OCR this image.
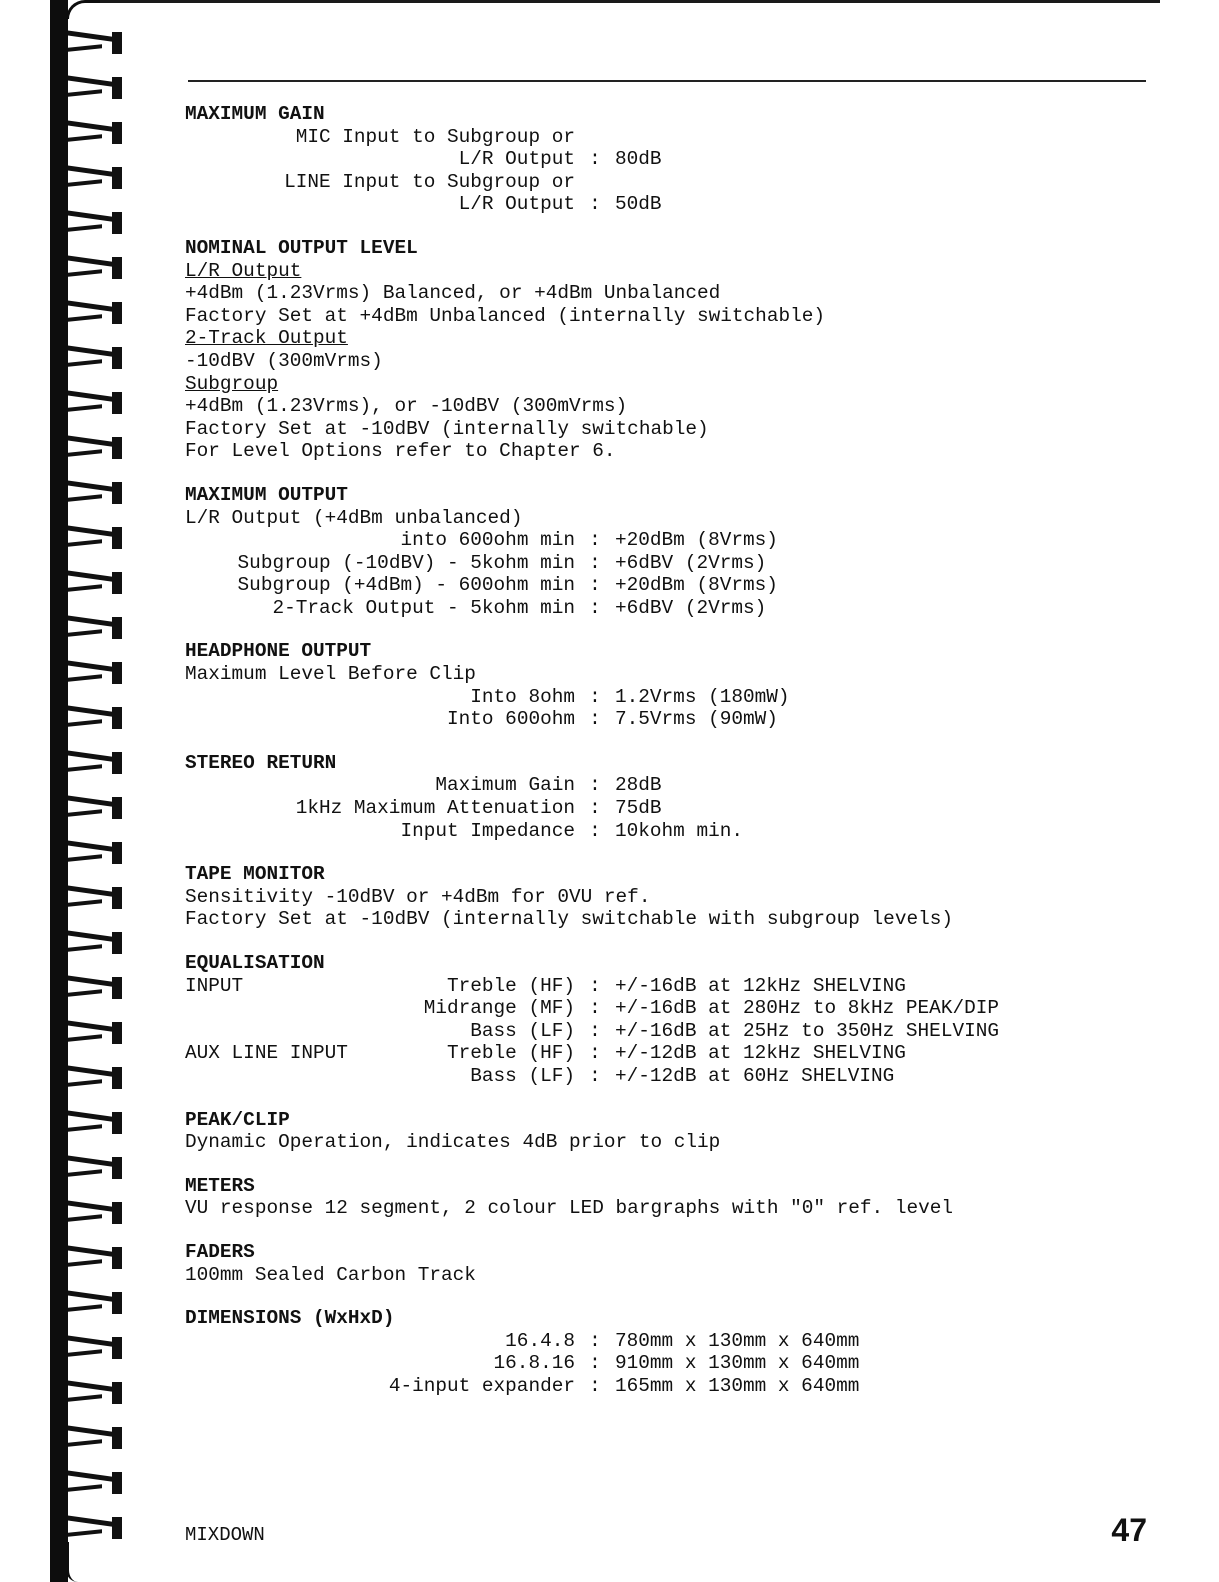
MAXIMUM GAIN
MIC Input to Subgroup or
L/R Output : 80dB
LINE Input to Subgroup or
L/R Output : 50dB
NOMINAL OUTPUT LEVEL
L/R Output
+4dBm (1.23Vrms) Balanced, or +4dBm Unbalanced
Factory Set at +4dBm Unbalanced (internally switchable)
2-Track Output
-10dBV (300mVrms)
Subgroup
+4dBm (1.23Vrms), or -10dBV (300mVrms)
Factory Set at -10dBV (internally switchable)
For Level Options refer to Chapter 6.
MAXIMUM OUTPUT
L/R Output (+4dBm unbalanced)
into 600ohm min : +20dBm (8Vrms)
Subgroup (-10dBV) - 5kohm min : +6dBV (2Vrms)
Subgroup (+4dBm) - 600ohm min : +20dBm (8Vrms)
2-Track Output - 5kohm min : +6dBV (2Vrms)
HEADPHONE OUTPUT
Maximum Level Before Clip
Into 8ohm : 1.2Vrms (180mW)
Into 600ohm : 7.5Vrms (90mW)
STEREO RETURN
Maximum Gain : 28dB
1kHz Maximum Attenuation : 75dB
Input Impedance : 10kohm min.
TAPE MONITOR
Sensitivity -10dBV or +4dBm for 0VU ref.
Factory Set at -10dBV (internally switchable with subgroup levels)
EQUALISATION
INPUT	Treble (HF) : +/-16dB at 12kHz SHELVING
Midrange (MF) : +/-16dB at 280Hz to 8kHz PEAK/DIP
Bass (LF) : +/-16dB at 25Hz to 350Hz SHELVING
AUX LINE INPUT	Treble (HF) : +/-12dB at 12kHz SHELVING
Bass (LF) : +/-12dB at 60Hz SHELVING
PEAK/CLIP
Dynamic Operation, indicates 4dB prior to clip
METERS
VU response 12 segment, 2 colour LED bargraphs with "0" ref. level
FADERS
100mm Sealed Carbon Track
DIMENSIONS (WxHxD)
16.4.8 : 780mm x 130mm x 640mm
16.8.16 : 910mm x 130mm x 640mm
4-input expander : 165mm x 130mm x 640mm
MIXDOWN	47
